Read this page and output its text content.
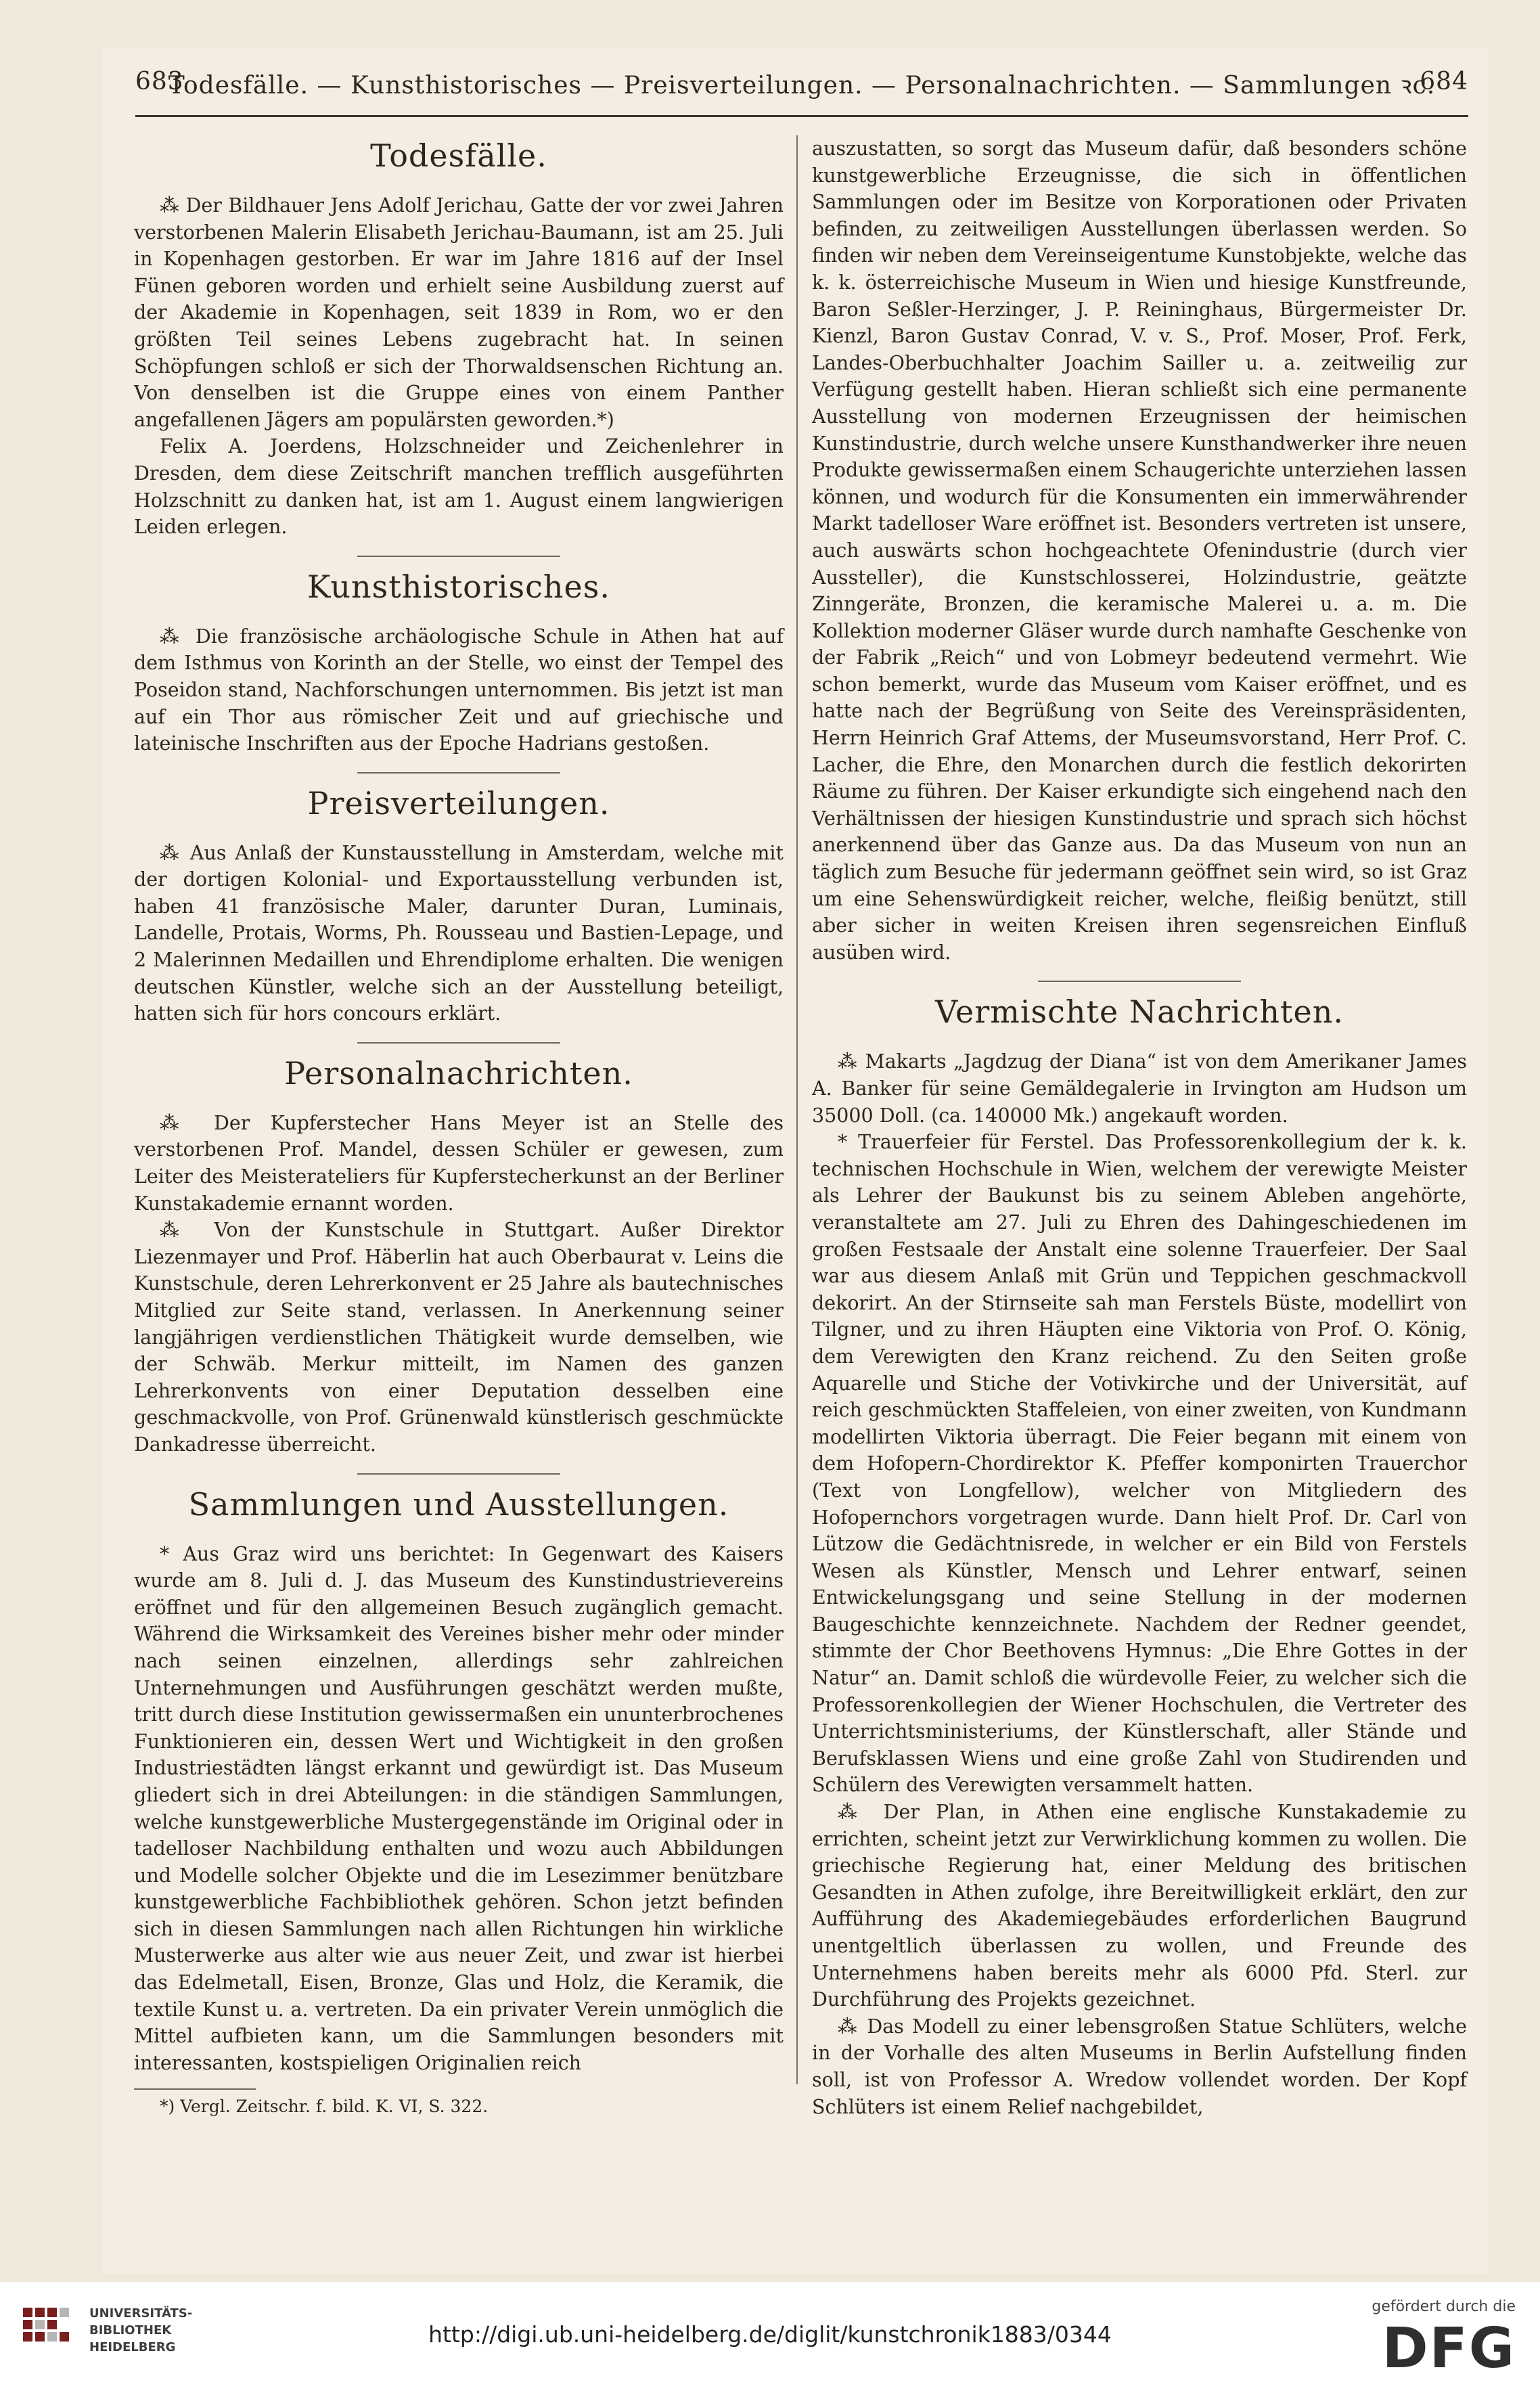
683
Todesfälle. — Kunsthistorisches — Preisverteilungen. — Personalnachrichten. — Sammlungen ꝛc.
684
Todesfälle.

⁂ Der Bildhauer Jens Adolf Jerichau, Gatte der vor zwei Jahren verstorbenen Malerin Elisabeth Jerichau-Baumann, ist am 25. Juli in Kopenhagen gestorben. Er war im Jahre 1816 auf der Insel Fünen geboren worden und erhielt seine Ausbildung zuerst auf der Akademie in Kopenhagen, seit 1839 in Rom, wo er den größten Teil seines Lebens zugebracht hat. In seinen Schöpfungen schloß er sich der Thorwaldsenschen Richtung an. Von denselben ist die Gruppe eines von einem Panther angefallenen Jägers am populärsten geworden.*)

Felix A. Joerdens, Holzschneider und Zeichenlehrer in Dresden, dem diese Zeitschrift manchen trefflich ausgeführten Holzschnitt zu danken hat, ist am 1. August einem langwierigen Leiden erlegen.

Kunsthistorisches.

⁂ Die französische archäologische Schule in Athen hat auf dem Isthmus von Korinth an der Stelle, wo einst der Tempel des Poseidon stand, Nachforschungen unternommen. Bis jetzt ist man auf ein Thor aus römischer Zeit und auf griechische und lateinische Inschriften aus der Epoche Hadrians gestoßen.

Preisverteilungen.

⁂ Aus Anlaß der Kunstausstellung in Amsterdam, welche mit der dortigen Kolonial- und Exportausstellung verbunden ist, haben 41 französische Maler, darunter Duran, Luminais, Landelle, Protais, Worms, Ph. Rousseau und Bastien-Lepage, und 2 Malerinnen Medaillen und Ehrendiplome erhalten. Die wenigen deutschen Künstler, welche sich an der Ausstellung beteiligt, hatten sich für hors concours erklärt.

Personalnachrichten.

⁂ Der Kupferstecher Hans Meyer ist an Stelle des verstorbenen Prof. Mandel, dessen Schüler er gewesen, zum Leiter des Meisterateliers für Kupferstecherkunst an der Berliner Kunstakademie ernannt worden.

⁂ Von der Kunstschule in Stuttgart. Außer Direktor Liezenmayer und Prof. Häberlin hat auch Oberbaurat v. Leins die Kunstschule, deren Lehrerkonvent er 25 Jahre als bautechnisches Mitglied zur Seite stand, verlassen. In Anerkennung seiner langjährigen verdienstlichen Thätigkeit wurde demselben, wie der Schwäb. Merkur mitteilt, im Namen des ganzen Lehrerkonvents von einer Deputation desselben eine geschmackvolle, von Prof. Grünenwald künstlerisch geschmückte Dankadresse überreicht.

Sammlungen und Ausstellungen.

* Aus Graz wird uns berichtet: In Gegenwart des Kaisers wurde am 8. Juli d. J. das Museum des Kunstindustrievereins eröffnet und für den allgemeinen Besuch zugänglich gemacht. Während die Wirksamkeit des Vereines bisher mehr oder minder nach seinen einzelnen, allerdings sehr zahlreichen Unternehmungen und Ausführungen geschätzt werden mußte, tritt durch diese Institution gewissermaßen ein ununterbrochenes Funktionieren ein, dessen Wert und Wichtigkeit in den großen Industriestädten längst erkannt und gewürdigt ist. Das Museum gliedert sich in drei Abteilungen: in die ständigen Sammlungen, welche kunstgewerbliche Mustergegenstände im Original oder in tadelloser Nachbildung enthalten und wozu auch Abbildungen und Modelle solcher Objekte und die im Lesezimmer benützbare kunstgewerbliche Fachbibliothek gehören. Schon jetzt befinden sich in diesen Sammlungen nach allen Richtungen hin wirkliche Musterwerke aus alter wie aus neuer Zeit, und zwar ist hierbei das Edelmetall, Eisen, Bronze, Glas und Holz, die Keramik, die textile Kunst u. a. vertreten. Da ein privater Verein unmöglich die Mittel aufbieten kann, um die Sammlungen besonders mit interessanten, kostspieligen Originalien reich

*) Vergl. Zeitschr. f. bild. K. VI, S. 322.

auszustatten, so sorgt das Museum dafür, daß besonders schöne kunstgewerbliche Erzeugnisse, die sich in öffentlichen Sammlungen oder im Besitze von Korporationen oder Privaten befinden, zu zeitweiligen Ausstellungen überlassen werden. So finden wir neben dem Vereinseigentume Kunstobjekte, welche das k. k. österreichische Museum in Wien und hiesige Kunstfreunde, Baron Seßler-Herzinger, J. P. Reininghaus, Bürgermeister Dr. Kienzl, Baron Gustav Conrad, V. v. S., Prof. Moser, Prof. Ferk, Landes-Oberbuchhalter Joachim Sailler u. a. zeitweilig zur Verfügung gestellt haben. Hieran schließt sich eine permanente Ausstellung von modernen Erzeugnissen der heimischen Kunstindustrie, durch welche unsere Kunsthandwerker ihre neuen Produkte gewissermaßen einem Schaugerichte unterziehen lassen können, und wodurch für die Konsumenten ein immerwährender Markt tadelloser Ware eröffnet ist. Besonders vertreten ist unsere, auch auswärts schon hochgeachtete Ofenindustrie (durch vier Aussteller), die Kunstschlosserei, Holzindustrie, geätzte Zinngeräte, Bronzen, die keramische Malerei u. a. m. Die Kollektion moderner Gläser wurde durch namhafte Geschenke von der Fabrik „Reich“ und von Lobmeyr bedeutend vermehrt. Wie schon bemerkt, wurde das Museum vom Kaiser eröffnet, und es hatte nach der Begrüßung von Seite des Vereinspräsidenten, Herrn Heinrich Graf Attems, der Museumsvorstand, Herr Prof. C. Lacher, die Ehre, den Monarchen durch die festlich dekorirten Räume zu führen. Der Kaiser erkundigte sich eingehend nach den Verhältnissen der hiesigen Kunstindustrie und sprach sich höchst anerkennend über das Ganze aus. Da das Museum von nun an täglich zum Besuche für jedermann geöffnet sein wird, so ist Graz um eine Sehenswürdigkeit reicher, welche, fleißig benützt, still aber sicher in weiten Kreisen ihren segensreichen Einfluß ausüben wird.

Vermischte Nachrichten.

⁂ Makarts „Jagdzug der Diana“ ist von dem Amerikaner James A. Banker für seine Gemäldegalerie in Irvington am Hudson um 35000 Doll. (ca. 140000 Mk.) angekauft worden.

* Trauerfeier für Ferstel. Das Professorenkollegium der k. k. technischen Hochschule in Wien, welchem der verewigte Meister als Lehrer der Baukunst bis zu seinem Ableben angehörte, veranstaltete am 27. Juli zu Ehren des Dahingeschiedenen im großen Festsaale der Anstalt eine solenne Trauerfeier. Der Saal war aus diesem Anlaß mit Grün und Teppichen geschmackvoll dekorirt. An der Stirnseite sah man Ferstels Büste, modellirt von Tilgner, und zu ihren Häupten eine Viktoria von Prof. O. König, dem Verewigten den Kranz reichend. Zu den Seiten große Aquarelle und Stiche der Votivkirche und der Universität, auf reich geschmückten Staffeleien, von einer zweiten, von Kundmann modellirten Viktoria überragt. Die Feier begann mit einem von dem Hofopern-Chordirektor K. Pfeffer komponirten Trauerchor (Text von Longfellow), welcher von Mitgliedern des Hofopernchors vorgetragen wurde. Dann hielt Prof. Dr. Carl von Lützow die Gedächtnisrede, in welcher er ein Bild von Ferstels Wesen als Künstler, Mensch und Lehrer entwarf, seinen Entwickelungsgang und seine Stellung in der modernen Baugeschichte kennzeichnete. Nachdem der Redner geendet, stimmte der Chor Beethovens Hymnus: „Die Ehre Gottes in der Natur“ an. Damit schloß die würdevolle Feier, zu welcher sich die Professorenkollegien der Wiener Hochschulen, die Vertreter des Unterrichtsministeriums, der Künstlerschaft, aller Stände und Berufsklassen Wiens und eine große Zahl von Studirenden und Schülern des Verewigten versammelt hatten.

⁂ Der Plan, in Athen eine englische Kunstakademie zu errichten, scheint jetzt zur Verwirklichung kommen zu wollen. Die griechische Regierung hat, einer Meldung des britischen Gesandten in Athen zufolge, ihre Bereitwilligkeit erklärt, den zur Aufführung des Akademiegebäudes erforderlichen Baugrund unentgeltlich überlassen zu wollen, und Freunde des Unternehmens haben bereits mehr als 6000 Pfd. Sterl. zur Durchführung des Projekts gezeichnet.

⁂ Das Modell zu einer lebensgroßen Statue Schlüters, welche in der Vorhalle des alten Museums in Berlin Aufstellung finden soll, ist von Professor A. Wredow vollendet worden. Der Kopf Schlüters ist einem Relief nachgebildet,

UNIVERSITÄTS-
BIBLIOTHEK
HEIDELBERG	http://digi.ub.uni-heidelberg.de/diglit/kunstchronik1883/0344
gefördert durch die
DFG
